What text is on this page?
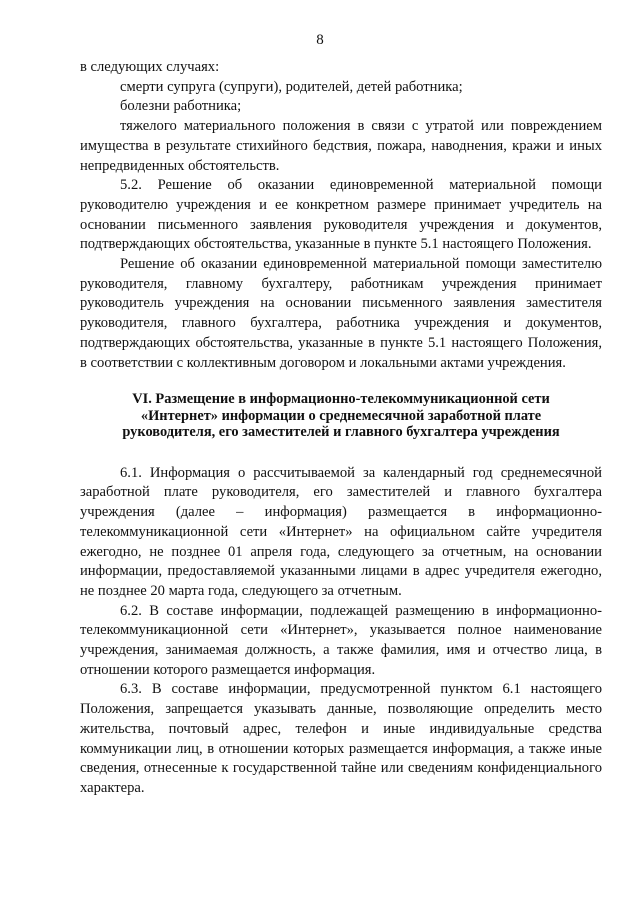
8

в следующих случаях:

смерти супруга (супруги), родителей, детей работника;

болезни работника;

тяжелого материального положения в связи с утратой или повреждением имущества в результате стихийного бедствия, пожара, наводнения, кражи и иных непредвиденных обстоятельств.

5.2. Решение об оказании единовременной материальной помощи руководителю учреждения и ее конкретном размере принимает учредитель на основании письменного заявления руководителя учреждения и документов, подтверждающих обстоятельства, указанные в пункте 5.1 настоящего Положения.

Решение об оказании единовременной материальной помощи заместителю руководителя, главному бухгалтеру, работникам учреждения принимает руководитель учреждения на основании письменного заявления заместителя руководителя, главного бухгалтера, работника учреждения и документов, подтверждающих обстоятельства, указанные в пункте 5.1 настоящего Положения, в соответствии с коллективным договором и локальными актами учреждения.

VI. Размещение в информационно-телекоммуникационной сети
«Интернет» информации о среднемесячной заработной плате
руководителя, его заместителей и главного бухгалтера учреждения

6.1. Информация о рассчитываемой за календарный год среднемесячной заработной плате руководителя, его заместителей и главного бухгалтера учреждения (далее – информация) размещается в информационно-телекоммуникационной сети «Интернет» на официальном сайте учредителя ежегодно, не позднее 01 апреля года, следующего за отчетным, на основании информации, предоставляемой указанными лицами в адрес учредителя ежегодно, не позднее 20 марта года, следующего за отчетным.

6.2. В составе информации, подлежащей размещению в информационно-телекоммуникационной сети «Интернет», указывается полное наименование учреждения, занимаемая должность, а также фамилия, имя и отчество лица, в отношении которого размещается информация.

6.3. В составе информации, предусмотренной пунктом 6.1 настоящего Положения, запрещается указывать данные, позволяющие определить место жительства, почтовый адрес, телефон и иные индивидуальные средства коммуникации лиц, в отношении которых размещается информация, а также иные сведения, отнесенные к государственной тайне или сведениям конфиденциального характера.
